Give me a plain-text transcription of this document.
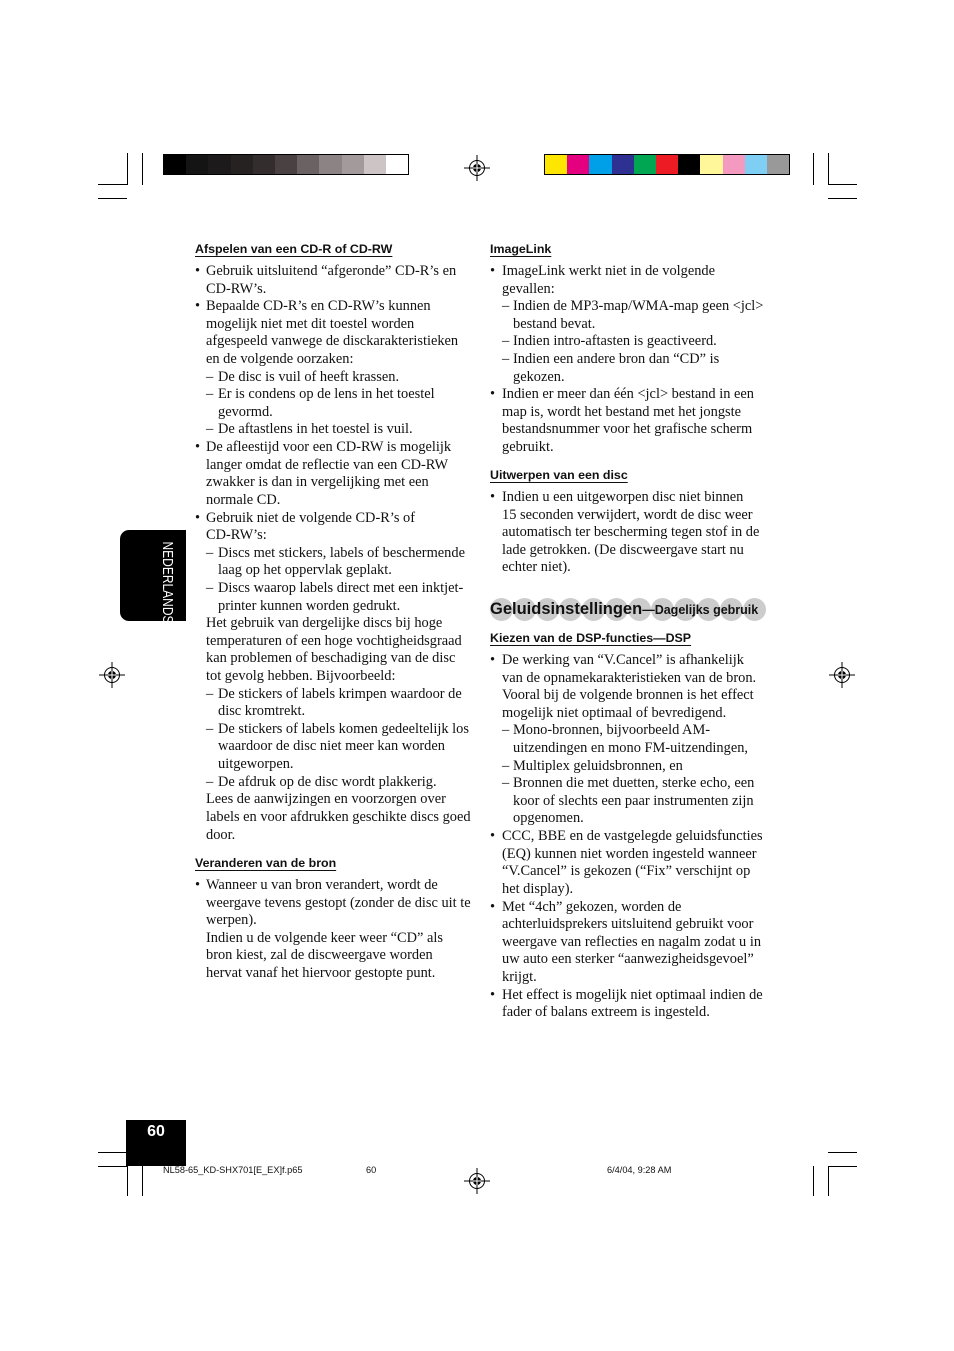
NEDERLANDS
Afspelen van een CD-R of CD-RW
• Gebruik uitsluitend “afgeronde” CD-R’s en
CD-RW’s.
• Bepaalde CD-R’s en CD-RW’s kunnen
mogelijk niet met dit toestel worden
afgespeeld vanwege de disckarakteristieken
en de volgende oorzaken:
– De disc is vuil of heeft krassen.
– Er is condens op de lens in het toestel
gevormd.
– De aftastlens in het toestel is vuil.
• De afleestijd voor een CD-RW is mogelijk
langer omdat de reflectie van een CD-RW
zwakker is dan in vergelijking met een
normale CD.
• Gebruik niet de volgende CD-R’s of
CD-RW’s:
– Discs met stickers, labels of beschermende
laag op het oppervlak geplakt.
– Discs waarop labels direct met een inktjet-
printer kunnen worden gedrukt.
Het gebruik van dergelijke discs bij hoge
temperaturen of een hoge vochtigheidsgraad
kan problemen of beschadiging van de disc
tot gevolg hebben. Bijvoorbeeld:
– De stickers of labels krimpen waardoor de
disc kromtrekt.
– De stickers of labels komen gedeeltelijk los
waardoor de disc niet meer kan worden
uitgeworpen.
– De afdruk op de disc wordt plakkerig.
Lees de aanwijzingen en voorzorgen over
labels en voor afdrukken geschikte discs goed
door.
Veranderen van de bron
• Wanneer u van bron verandert, wordt de
weergave tevens gestopt (zonder de disc uit te
werpen).
Indien u de volgende keer weer “CD” als
bron kiest, zal de discweergave worden
hervat vanaf het hiervoor gestopte punt.
ImageLink
• ImageLink werkt niet in de volgende
gevallen:
– Indien de MP3-map/WMA-map geen <jcl>
bestand bevat.
– Indien intro-aftasten is geactiveerd.
– Indien een andere bron dan “CD” is
gekozen.
• Indien er meer dan één <jcl> bestand in een
map is, wordt het bestand met het jongste
bestandsnummer voor het grafische scherm
gebruikt.
Uitwerpen van een disc
• Indien u een uitgeworpen disc niet binnen
15 seconden verwijdert, wordt de disc weer
automatisch ter bescherming tegen stof in de
lade getrokken. (De discweergave start nu
echter niet).
Geluidsinstellingen—Dagelijks gebruik
Kiezen van de DSP-functies—DSP
• De werking van “V.Cancel” is afhankelijk
van de opnamekarakteristieken van de bron.
Vooral bij de volgende bronnen is het effect
mogelijk niet optimaal of bevredigend.
– Mono-bronnen, bijvoorbeeld AM-
uitzendingen en mono FM-uitzendingen,
– Multiplex geluidsbronnen, en
– Bronnen die met duetten, sterke echo, een
koor of slechts een paar instrumenten zijn
opgenomen.
• CCC, BBE en de vastgelegde geluidsfuncties
(EQ) kunnen niet worden ingesteld wanneer
“V.Cancel” is gekozen (“Fix” verschijnt op
het display).
• Met “4ch” gekozen, worden de
achterluidsprekers uitsluitend gebruikt voor
weergave van reflecties en nagalm zodat u in
uw auto een sterker “aanwezigheidsgevoel”
krijgt.
• Het effect is mogelijk niet optimaal indien de
fader of balans extreem is ingesteld.
60
NL58-65_KD-SHX701[E_EX]f.p65	60	6/4/04, 9:28 AM
